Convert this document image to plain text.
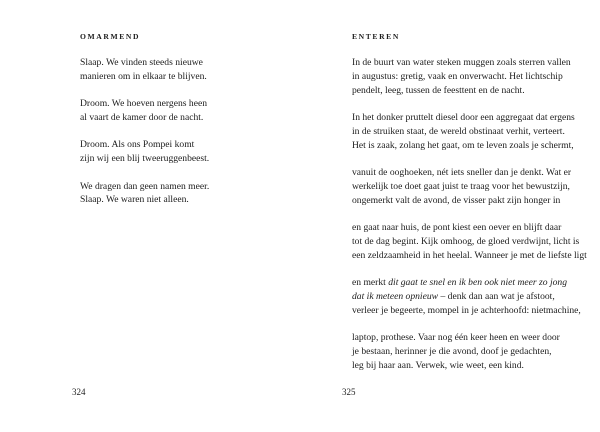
OMARMEND

Slaap. We vinden steeds nieuwe
manieren om in elkaar te blijven.

Droom. We hoeven nergens heen
al vaart de kamer door de nacht.

Droom. Als ons Pompei komt
zijn wij een blij tweeruggenbeest.

We dragen dan geen namen meer.
Slaap. We waren niet alleen.

324

ENTEREN

In de buurt van water steken muggen zoals sterren vallen
in augustus: gretig, vaak en onverwacht. Het lichtschip
pendelt, leeg, tussen de feesttent en de nacht.

In het donker pruttelt diesel door een aggregaat dat ergens
in de struiken staat, de wereld obstinaat verhit, verteert.
Het is zaak, zolang het gaat, om te leven zoals je schermt,

vanuit de ooghoeken, nét iets sneller dan je denkt. Wat er
werkelijk toe doet gaat juist te traag voor het bewustzijn,
ongemerkt valt de avond, de visser pakt zijn honger in

en gaat naar huis, de pont kiest een oever en blijft daar
tot de dag begint. Kijk omhoog, de gloed verdwijnt, licht is
een zeldzaamheid in het heelal. Wanneer je met de liefste ligt

en merkt dit gaat te snel en ik ben ook niet meer zo jong
dat ik meteen opnieuw – denk dan aan wat je afstoot,
verleer je begeerte, mompel in je achterhoofd: nietmachine,

laptop, prothese. Vaar nog één keer heen en weer door
je bestaan, herinner je die avond, doof je gedachten,
leg bij haar aan. Verwek, wie weet, een kind.

325
